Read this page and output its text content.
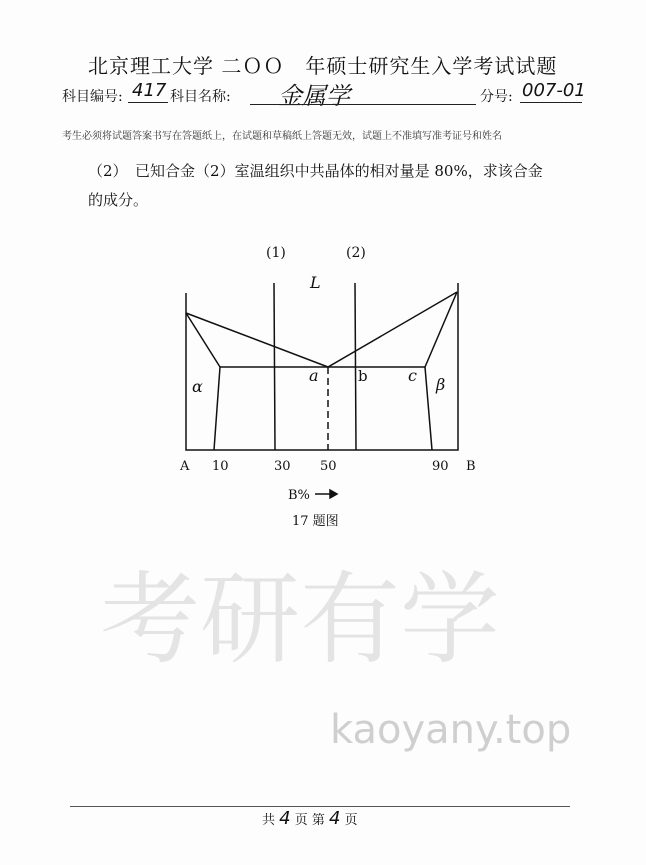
考研有学
kaoyany.top
北京理工大学 二ＯＯ　年硕士研究生入学考试试题
科目编号: 417 科目名称: 金属学	分号: 007-01
考生必须将试题答案书写在答题纸上，在试题和草稿纸上答题无效，试题上不准填写准考证号和姓名
（2）　已知合金（2）室温组织中共晶体的相对量是 80%，求该合金
的成分。
(1)	(2)
L
α
a	b	c β
A 10	30 50	90 B
B%
17 题图
共 4 页 第 4 页
